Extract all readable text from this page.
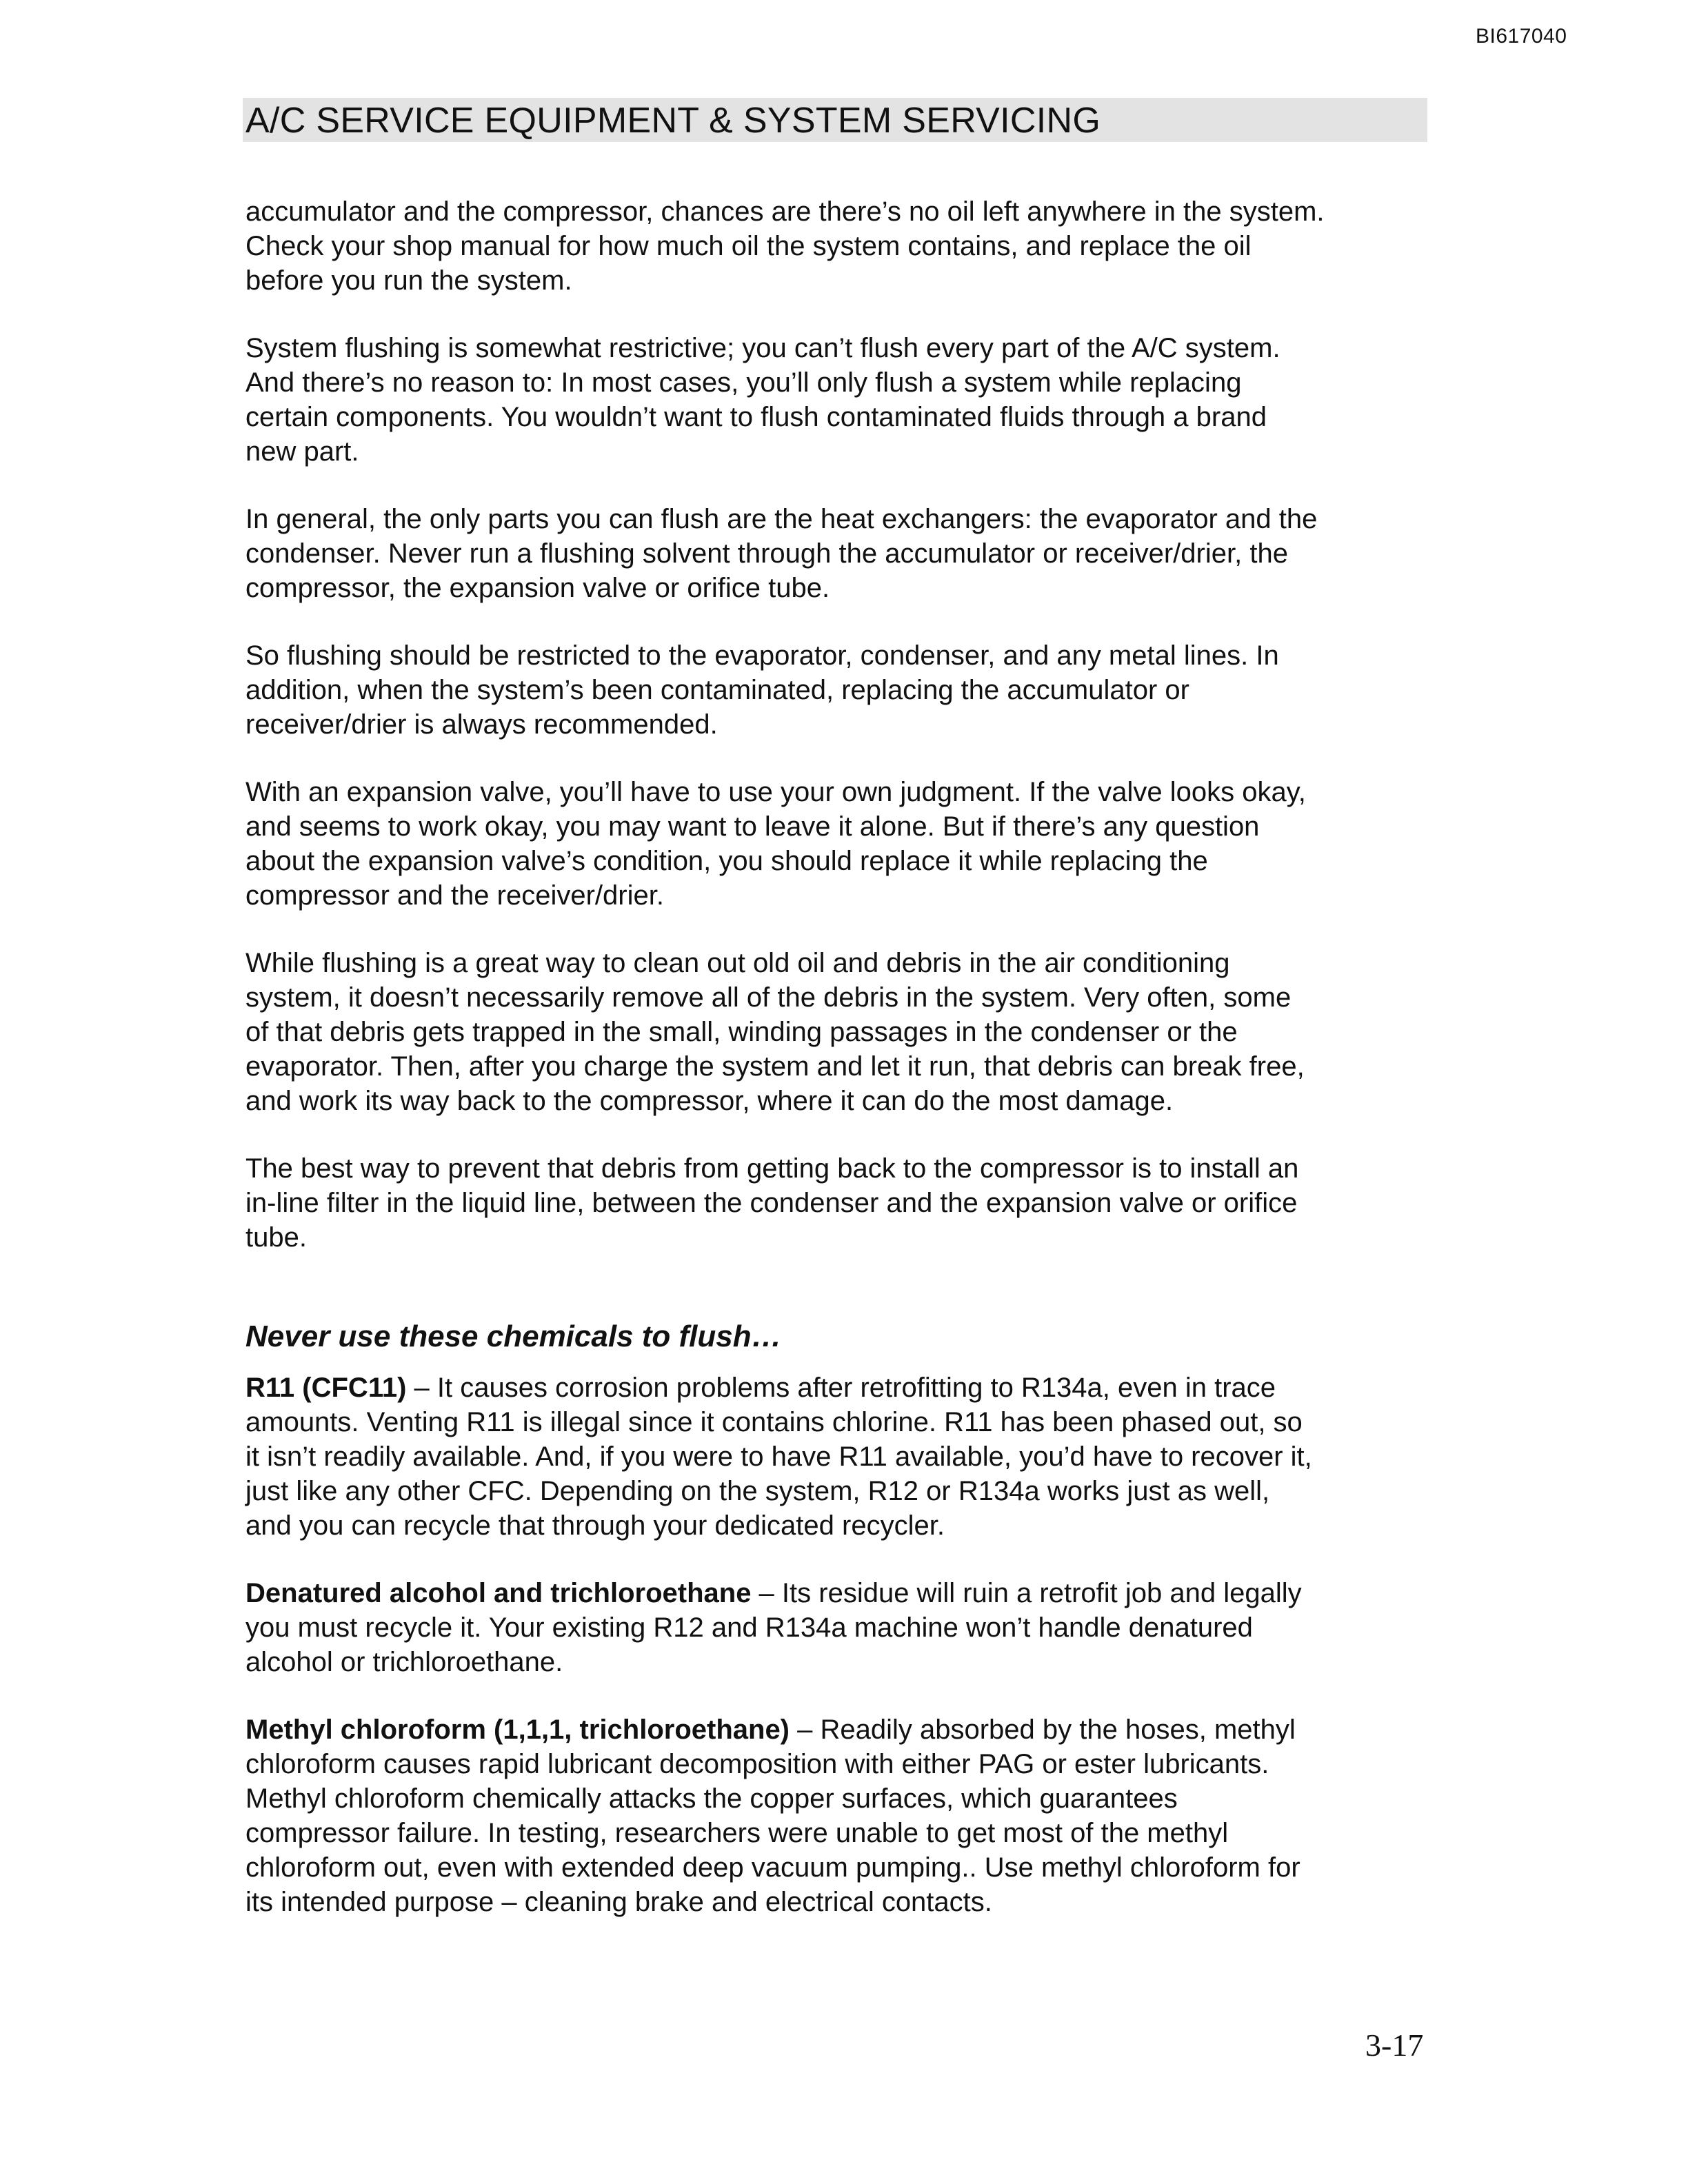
BI617040
A/C SERVICE EQUIPMENT & SYSTEM SERVICING

accumulator and the compressor, chances are there’s no oil left anywhere in the system.
Check your shop manual for how much oil the system contains, and replace the oil
before you run the system.

System flushing is somewhat restrictive; you can’t flush every part of the A/C system.
And there’s no reason to: In most cases, you’ll only flush a system while replacing
certain components. You wouldn’t want to flush contaminated fluids through a brand
new part.

In general, the only parts you can flush are the heat exchangers: the evaporator and the
condenser. Never run a flushing solvent through the accumulator or receiver/drier, the
compressor, the expansion valve or orifice tube.

So flushing should be restricted to the evaporator, condenser, and any metal lines. In
addition, when the system’s been contaminated, replacing the accumulator or
receiver/drier is always recommended.

With an expansion valve, you’ll have to use your own judgment. If the valve looks okay,
and seems to work okay, you may want to leave it alone. But if there’s any question
about the expansion valve’s condition, you should replace it while replacing the
compressor and the receiver/drier.

While flushing is a great way to clean out old oil and debris in the air conditioning
system, it doesn’t necessarily remove all of the debris in the system. Very often, some
of that debris gets trapped in the small, winding passages in the condenser or the
evaporator. Then, after you charge the system and let it run, that debris can break free,
and work its way back to the compressor, where it can do the most damage.

The best way to prevent that debris from getting back to the compressor is to install an
in-line filter in the liquid line, between the condenser and the expansion valve or orifice
tube.

Never use these chemicals to flush…

R11 (CFC11) – It causes corrosion problems after retrofitting to R134a, even in trace
amounts. Venting R11 is illegal since it contains chlorine. R11 has been phased out, so
it isn’t readily available. And, if you were to have R11 available, you’d have to recover it,
just like any other CFC. Depending on the system, R12 or R134a works just as well,
and you can recycle that through your dedicated recycler.

Denatured alcohol and trichloroethane – Its residue will ruin a retrofit job and legally
you must recycle it. Your existing R12 and R134a machine won’t handle denatured
alcohol or trichloroethane.

Methyl chloroform (1,1,1, trichloroethane) – Readily absorbed by the hoses, methyl
chloroform causes rapid lubricant decomposition with either PAG or ester lubricants.
Methyl chloroform chemically attacks the copper surfaces, which guarantees
compressor failure. In testing, researchers were unable to get most of the methyl
chloroform out, even with extended deep vacuum pumping.. Use methyl chloroform for
its intended purpose – cleaning brake and electrical contacts.

3-17
